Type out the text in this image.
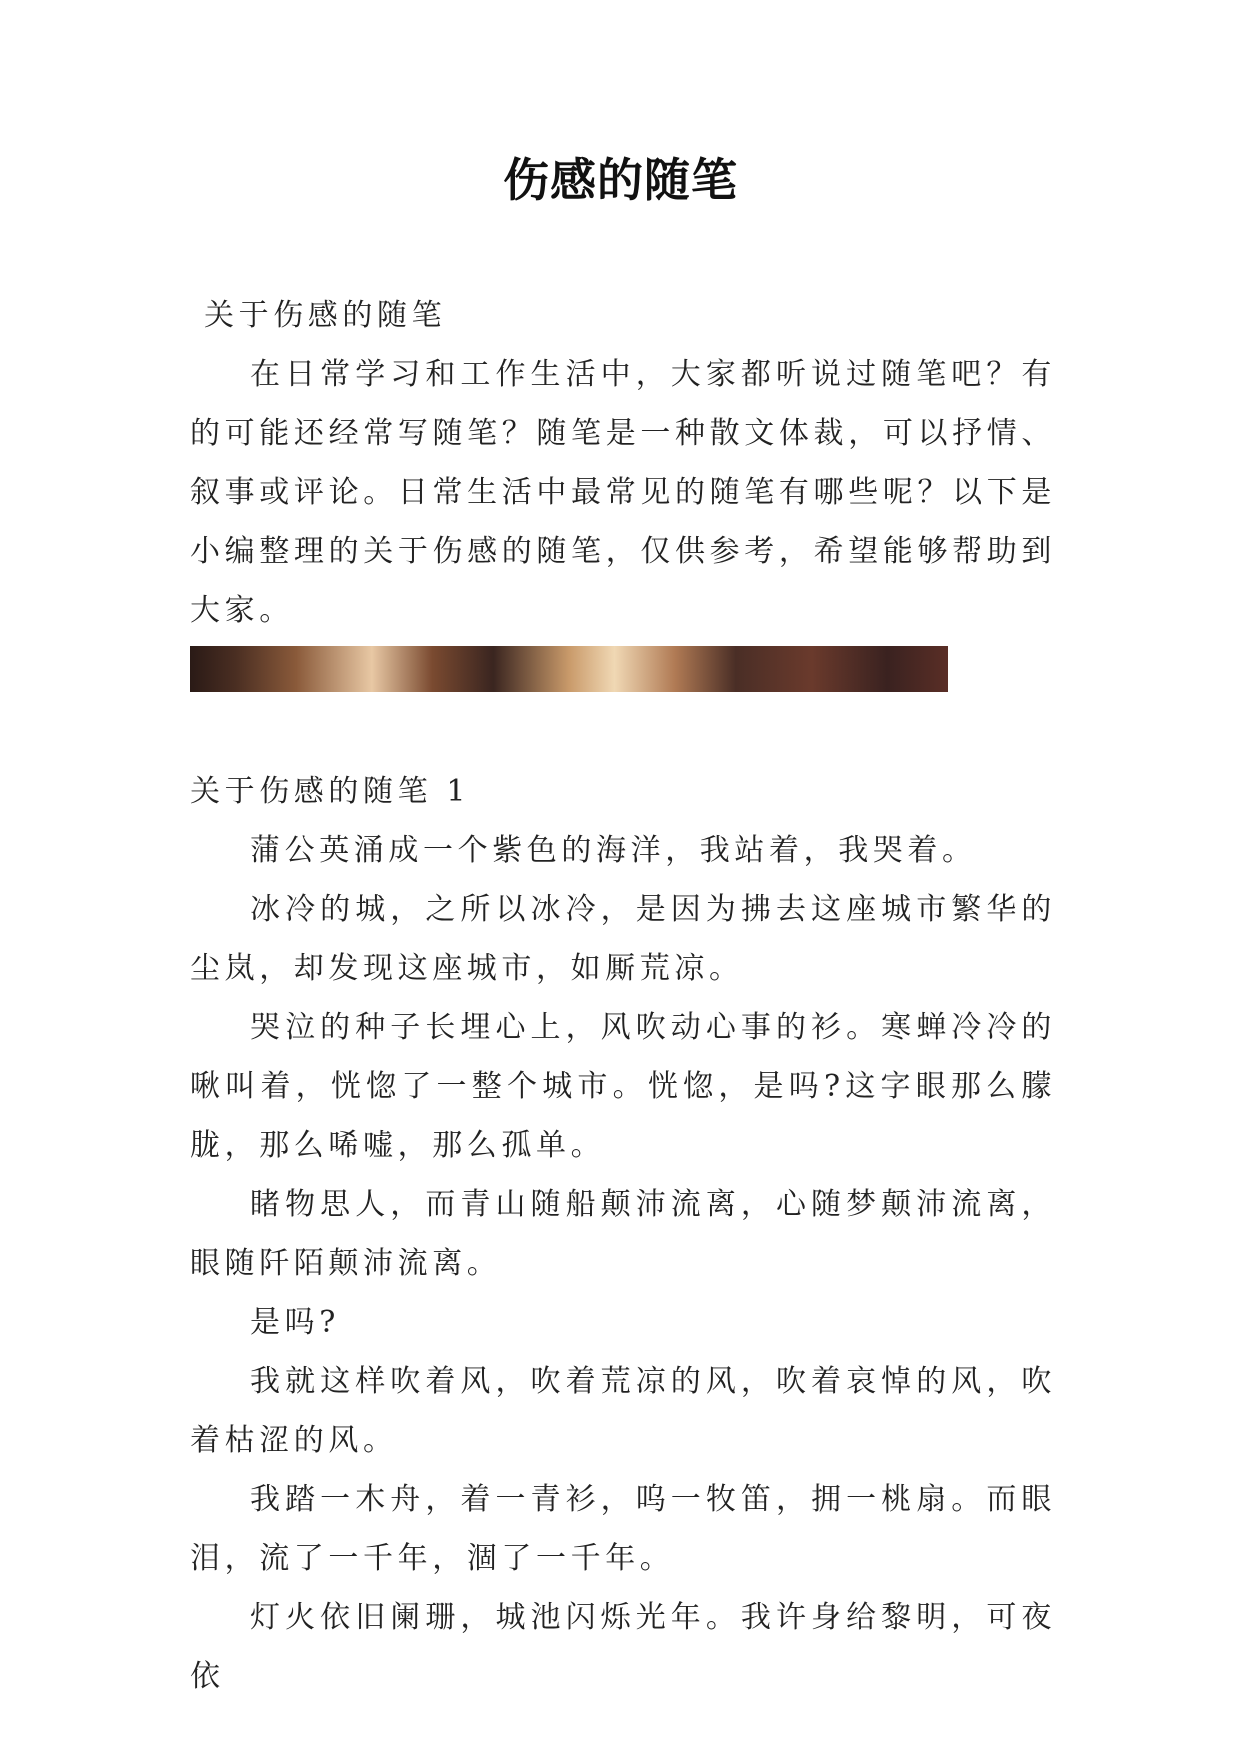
伤感的随笔

关于伤感的随笔

在日常学习和工作生活中，大家都听说过随笔吧？有的可能还经常写随笔？随笔是一种散文体裁，可以抒情、叙事或评论。日常生活中最常见的随笔有哪些呢？以下是小编整理的关于伤感的随笔，仅供参考，希望能够帮助到大家。

关于伤感的随笔 1

蒲公英涌成一个紫色的海洋，我站着，我哭着。

冰冷的城，之所以冰冷，是因为拂去这座城市繁华的尘岚，却发现这座城市，如厮荒凉。

哭泣的种子长埋心上，风吹动心事的衫。寒蝉冷冷的啾叫着，恍惚了一整个城市。恍惚，是吗?这字眼那么朦胧，那么唏嘘，那么孤单。

睹物思人，而青山随船颠沛流离，心随梦颠沛流离，眼随阡陌颠沛流离。

是吗?

我就这样吹着风，吹着荒凉的风，吹着哀悼的风，吹着枯涩的风。

我踏一木舟，着一青衫，呜一牧笛，拥一桃扇。而眼泪，流了一千年，涸了一千年。

灯火依旧阑珊，城池闪烁光年。我许身给黎明，可夜依
